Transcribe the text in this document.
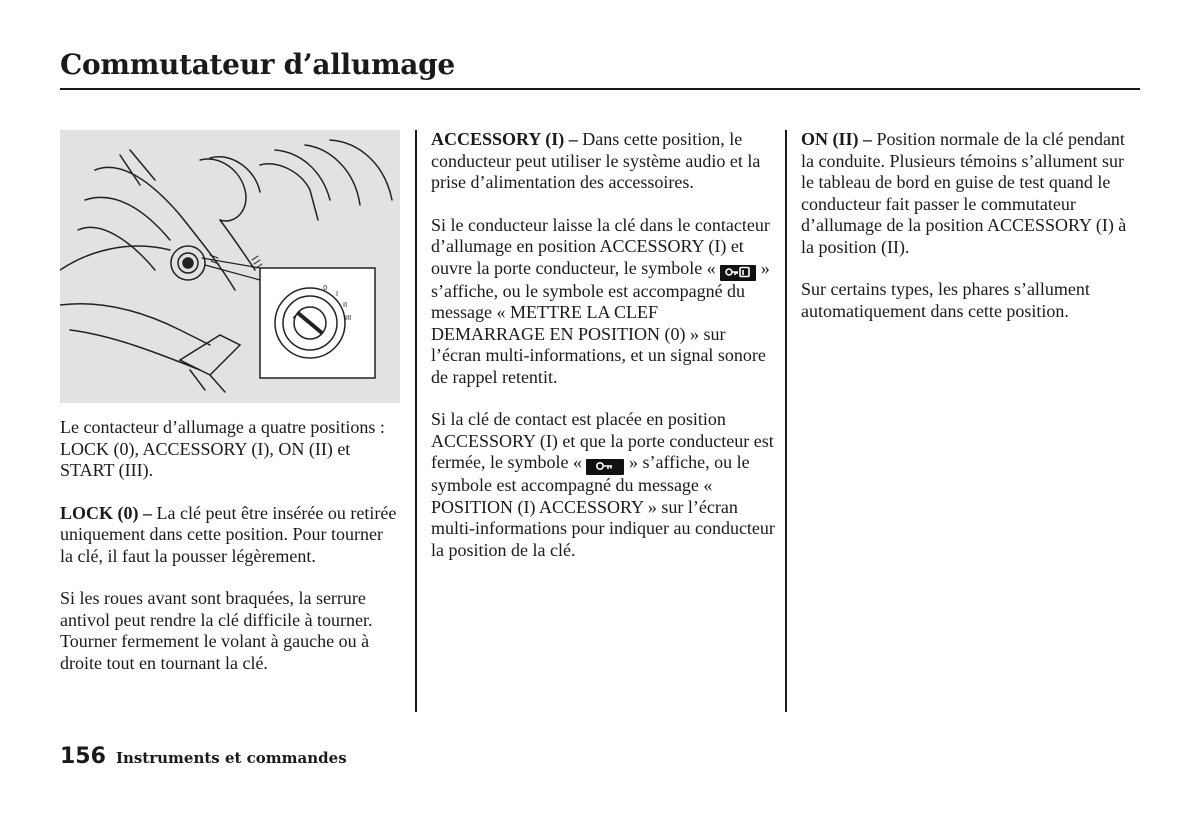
Commutateur d’allumage
0
I
II
III

Le contacteur d’allumage a quatre positions : LOCK (0), ACCESSORY (I), ON (II) et START (III).

LOCK (0) – La clé peut être insérée ou retirée uniquement dans cette position. Pour tourner la clé, il faut la pousser légèrement.

Si les roues avant sont braquées, la serrure antivol peut rendre la clé difficile à tourner. Tourner fermement le volant à gauche ou à droite tout en tournant la clé.

ACCESSORY (I) – Dans cette position, le conducteur peut utiliser le système audio et la prise d’alimentation des accessoires.

Si le conducteur laisse la clé dans le contacteur d’allumage en position ACCESSORY (I) et ouvre la porte conducteur, le symbole «  » s’affiche, ou le symbole est accompagné du message « METTRE LA CLEF DEMARRAGE EN POSITION (0) » sur l’écran multi-informations, et un signal sonore de rappel retentit.

Si la clé de contact est placée en position ACCESSORY (I) et que la porte conducteur est fermée, le symbole «  » s’affiche, ou le symbole est accompagné du message « POSITION (I) ACCESSORY » sur l’écran multi-informations pour indiquer au conducteur la position de la clé.

ON (II) – Position normale de la clé pendant la conduite. Plusieurs témoins s’allument sur le tableau de bord en guise de test quand le conducteur fait passer le commutateur d’allumage de la position ACCESSORY (I) à la position (II).

Sur certains types, les phares s’allument automatiquement dans cette position.

156 Instruments et commandes
